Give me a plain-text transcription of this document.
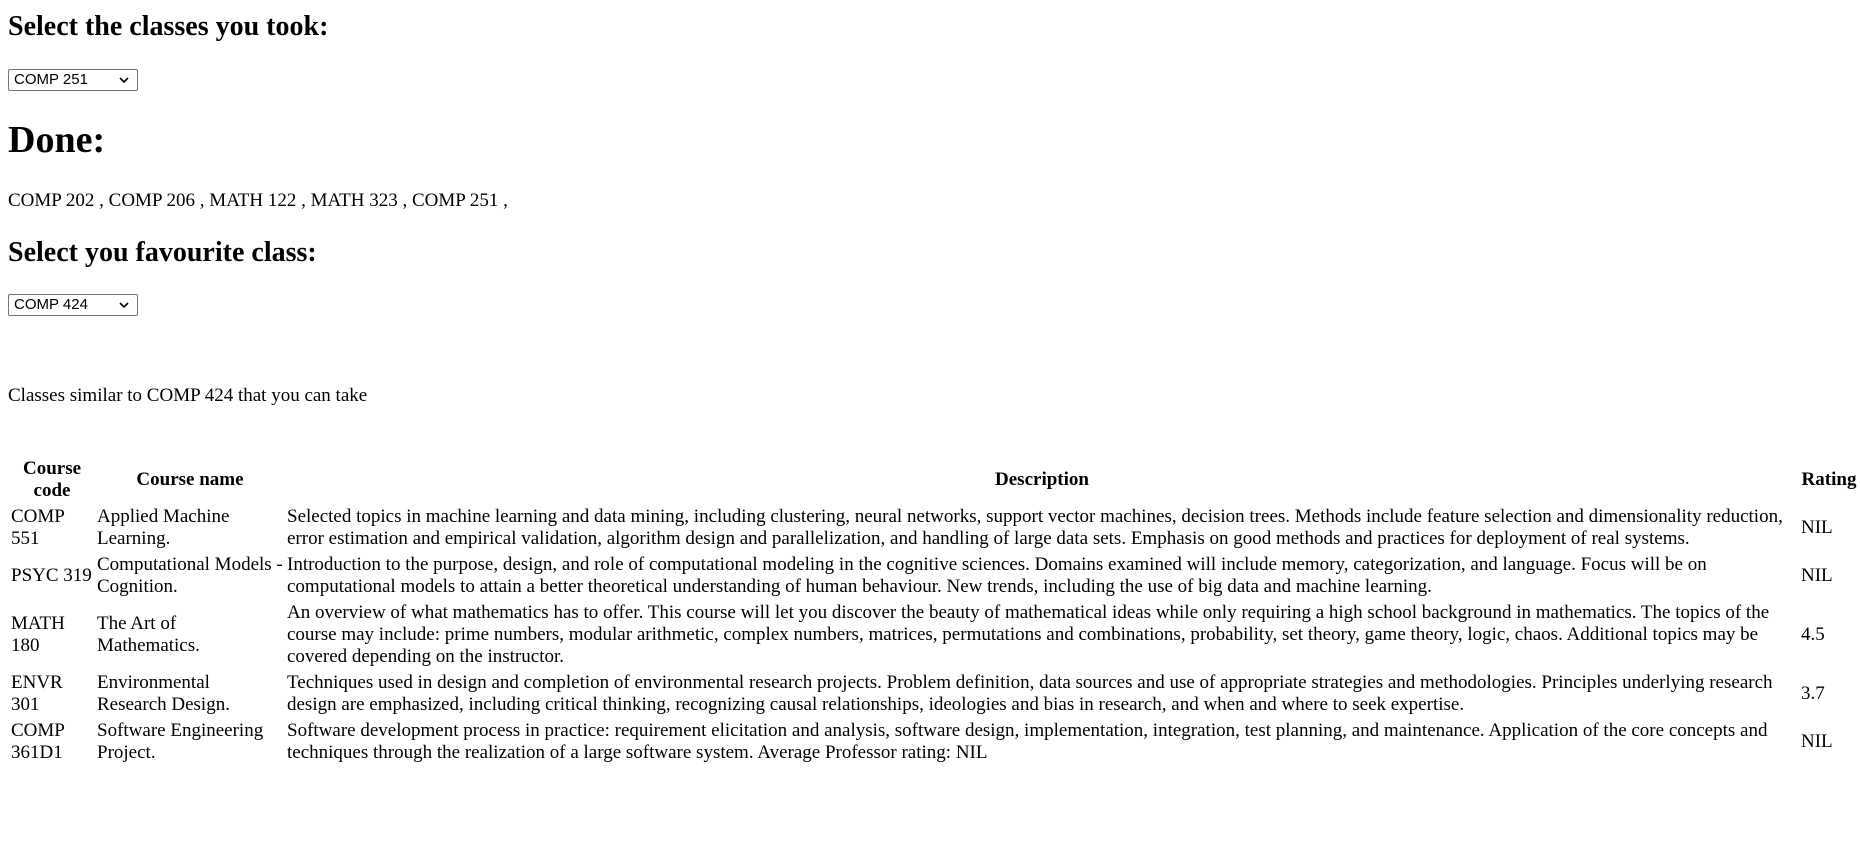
Select the classes you took:
COMP 251
Done:

COMP 202 , COMP 206 , MATH 122 , MATH 323 , COMP 251 ,

Select you favourite class:
COMP 424

Classes similar to COMP 424 that you can take

Course code	Course name	Description	Rating
COMP 551	Applied Machine Learning.	Selected topics in machine learning and data mining, including clustering, neural networks, support vector machines, decision trees. Methods include feature selection and dimensionality reduction, error estimation and empirical validation, algorithm design and parallelization, and handling of large data sets. Emphasis on good methods and practices for deployment of real systems.	NIL
PSYC 319	Computational Models - Cognition.	Introduction to the purpose, design, and role of computational modeling in the cognitive sciences. Domains examined will include memory, categorization, and language. Focus will be on computational models to attain a better theoretical understanding of human behaviour. New trends, including the use of big data and machine learning.	NIL
MATH 180	The Art of Mathematics.	An overview of what mathematics has to offer. This course will let you discover the beauty of mathematical ideas while only requiring a high school background in mathematics. The topics of the course may include: prime numbers, modular arithmetic, complex numbers, matrices, permutations and combinations, probability, set theory, game theory, logic, chaos. Additional topics may be covered depending on the instructor.	4.5
ENVR 301	Environmental Research Design.	Techniques used in design and completion of environmental research projects. Problem definition, data sources and use of appropriate strategies and methodologies. Principles underlying research design are emphasized, including critical thinking, recognizing causal relationships, ideologies and bias in research, and when and where to seek expertise.	3.7
COMP 361D1	Software Engineering Project.	Software development process in practice: requirement elicitation and analysis, software design, implementation, integration, test planning, and maintenance. Application of the core concepts and techniques through the realization of a large software system. Average Professor rating: NIL	NIL
